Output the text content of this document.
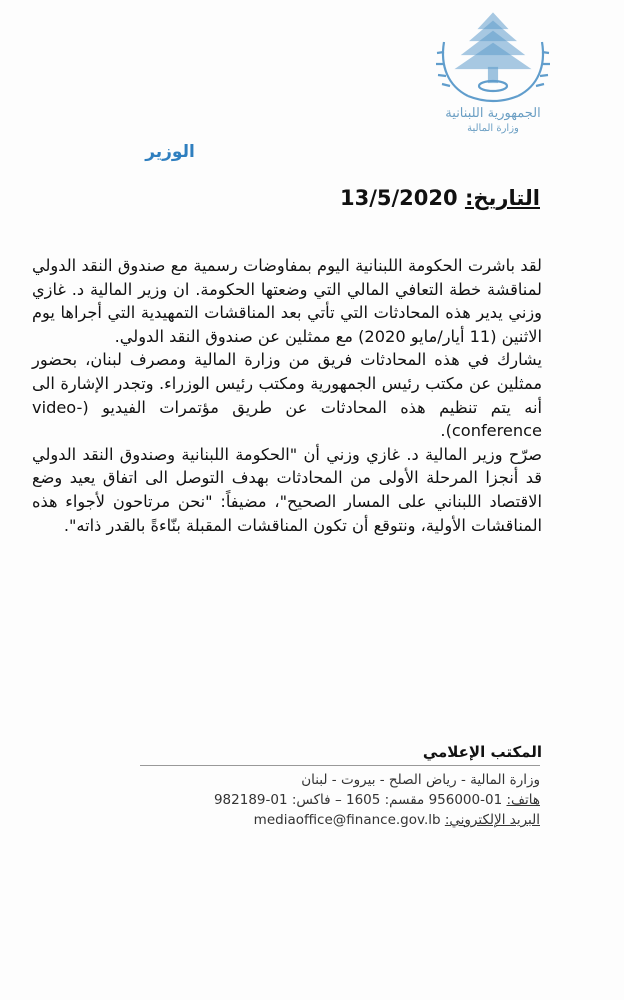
الجمهورية اللبنانية
وزارة المالية
الوزير
التاريخ: 13/5/2020

لقد باشرت الحكومة اللبنانية اليوم بمفاوضات رسمية مع صندوق النقد الدولي لمناقشة خطة التعافي المالي التي وضعتها الحكومة. ان وزير المالية د. غازي وزني يدير هذه المحادثات التي تأتي بعد المناقشات التمهيدية التي أجراها يوم الاثنين (11 أيار/مايو 2020) مع ممثلين عن صندوق النقد الدولي.

يشارك في هذه المحادثات فريق من وزارة المالية ومصرف لبنان، بحضور ممثلين عن مكتب رئيس الجمهورية ومكتب رئيس الوزراء. وتجدر الإشارة الى أنه يتم تنظيم هذه المحادثات عن طريق مؤتمرات الفيديو (video-conference).

صرّح وزير المالية د. غازي وزني أن "الحكومة اللبنانية وصندوق النقد الدولي قد أنجزا المرحلة الأولى من المحادثات بهدف التوصل الى اتفاق يعيد وضع الاقتصاد اللبناني على المسار الصحيح"، مضيفاً: "نحن مرتاحون لأجواء هذه المناقشات الأولية، ونتوقع أن تكون المناقشات المقبلة بنّاءةً بالقدر ذاته".

المكتب الإعلامي
وزارة المالية - رياض الصلح - بيروت - لبنان
هاتف: 01-956000 مقسم: 1605 – فاكس: 01-982189
البريد الإلكتروني: mediaoffice@finance.gov.lb
